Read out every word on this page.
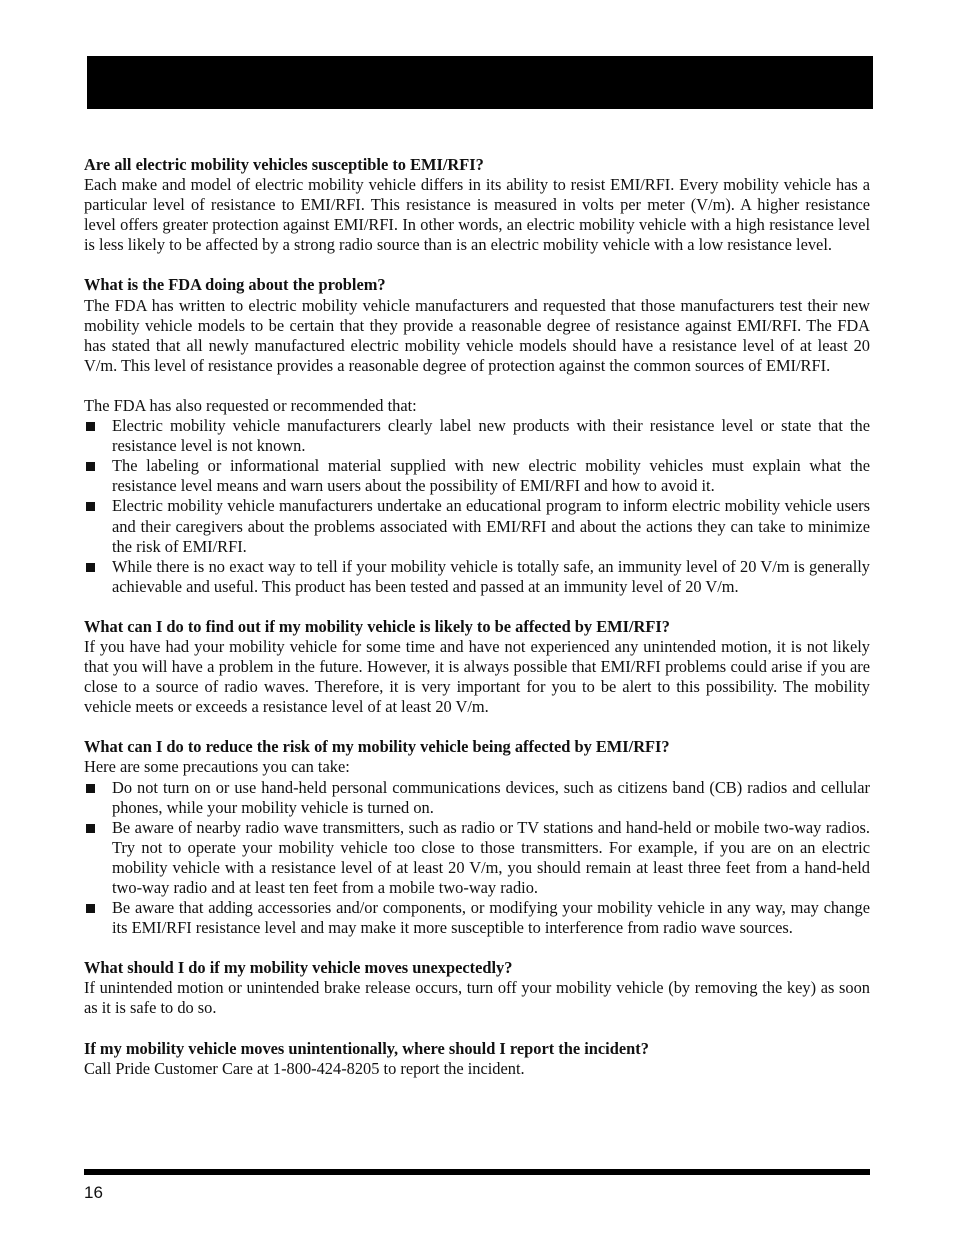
Are all electric mobility vehicles susceptible to EMI/RFI?

Each make and model of electric mobility vehicle differs in its ability to resist EMI/RFI. Every mobility vehicle has a particular level of resistance to EMI/RFI. This resistance is measured in volts per meter (V/m). A higher resistance level offers greater protection against EMI/RFI. In other words, an electric mobility vehicle with a high resistance level is less likely to be affected by a strong radio source than is an electric mobility vehicle with a low resistance level.

What is the FDA doing about the problem?

The FDA has written to electric mobility vehicle manufacturers and requested that those manufacturers test their new mobility vehicle models to be certain that they provide a reasonable degree of resistance against EMI/RFI. The FDA has stated that all newly manufactured electric mobility vehicle models should have a resistance level of at least 20 V/m. This level of resistance provides a reasonable degree of protection against the common sources of EMI/RFI.

The FDA has also requested or recommended that:

Electric mobility vehicle manufacturers clearly label new products with their resistance level or state that the resistance level is not known.
The labeling or informational material supplied with new electric mobility vehicles must explain what the resistance level means and warn users about the possibility of EMI/RFI and how to avoid it.
Electric mobility vehicle manufacturers undertake an educational program to inform electric mobility vehicle users and their caregivers about the problems associated with EMI/RFI and about the actions they can take to minimize the risk of EMI/RFI.
While there is no exact way to tell if your mobility vehicle is totally safe, an immunity level of 20 V/m is generally achievable and useful. This product has been tested and passed at an immunity level of 20 V/m.

What can I do to find out if my mobility vehicle is likely to be affected by EMI/RFI?

If you have had your mobility vehicle for some time and have not experienced any unintended motion, it is not likely that you will have a problem in the future. However, it is always possible that EMI/RFI problems could arise if you are close to a source of radio waves. Therefore, it is very important for you to be alert to this possibility. The mobility vehicle meets or exceeds a resistance level of at least 20 V/m.

What can I do to reduce the risk of my mobility vehicle being affected by EMI/RFI?

Here are some precautions you can take:

Do not turn on or use hand-held personal communications devices, such as citizens band (CB) radios and cellular phones, while your mobility vehicle is turned on.
Be aware of nearby radio wave transmitters, such as radio or TV stations and hand-held or mobile two-way radios. Try not to operate your mobility vehicle too close to those transmitters. For example, if you are on an electric mobility vehicle with a resistance level of at least 20 V/m, you should remain at least three feet from a hand-held two-way radio and at least ten feet from a mobile two-way radio.
Be aware that adding accessories and/or components, or modifying your mobility vehicle in any way, may change its EMI/RFI resistance level and may make it more susceptible to interference from radio wave sources.

What should I do if my mobility vehicle moves unexpectedly?

If unintended motion or unintended brake release occurs, turn off your mobility vehicle (by removing the key) as soon as it is safe to do so.

If my mobility vehicle moves unintentionally, where should I report the incident?

Call Pride Customer Care at 1-800-424-8205 to report the incident.

16
